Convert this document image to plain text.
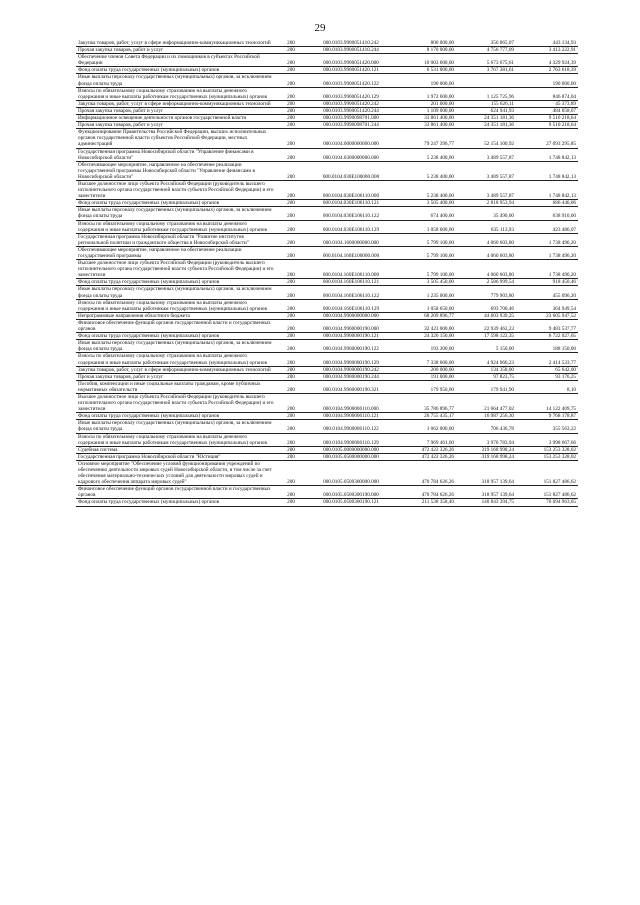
29
Закупка товаров, работ, услуг в сфере информационно-коммуникационных технологий	200	000.0103.9900051410.242	800 000,00	356 865,07	443 134,93
Прочая закупка товаров, работ и услуг	200	000.0103.9900051410.244	8 170 000,00	4 756 777,09	3 413 222,91
Обеспечение членов Совета Федерации и их помощников в субъектах Российской Федерации	200	000.0103.9900051420.000	10 003 600,00	5 673 675,61	4 329 924,39
Фонд оплаты труда государственных (муниципальных) органов	200	000.0103.9900051420.121	6 531 000,00	3 767 381,61	2 763 618,39
Иные выплаты персоналу государственных (муниципальных) органов, за исключением фонда оплаты труда	200	000.0103.9900051420.122	190 000,00		190 000,00
Взносы по обязательному социальному страхованию на выплаты денежного содержания и иные выплаты работникам государственных (муниципальных) органов	200	000.0103.9900051420.129	1 972 600,00	1 125 725,96	846 874,04
Закупка товаров, работ, услуг в сфере информационно-коммуникационных технологий	200	000.0103.9900051420.242	201 000,00	155 626,11	45 373,89
Прочая закупка товаров, работ и услуг	200	000.0103.9900051420.244	1 109 000,00	624 941,93	484 058,07
Информационное освещение деятельности органов государственной власти	200	000.0103.9990098701.000	33 861 400,00	24 351 181,36	9 510 218,64
Прочая закупка товаров, работ и услуг	200	000.0103.9990098701.244	33 861 400,00	24 351 181,36	9 510 218,64
Функционирование Правительства Российской Федерации, высших исполнительных органов государственной власти субъектов Российской Федерации, местных администраций	200	000.0104.0000000000.000	79 247 396,77	52 154 100,92	27 093 295,85
Государственная программа Новосибирской области "Управление финансами в Новосибирской области"	200	000.0104.0300000000.000	5 238 400,00	3 489 557,87	1 748 842,13
Обеспечивающее мероприятие, направленное на обеспечение реализации государственной программы Новосибирской области "Управление финансами в Новосибирской области"	200	000.0104.030Е100000.000	5 238 400,00	3 489 557,87	1 748 842,13
Высшее должностное лицо субъекта Российской Федерации (руководитель высшего исполнительного органа государственной власти субъекта Российской Федерации) и его заместители	200	000.0104.030Е106110.000	5 238 400,00	3 489 557,87	1 748 842,13
Фонд оплаты труда государственных (муниципальных) органов	200	000.0104.030Е106110.121	3 505 400,00	2 818 953,94	686 446,06
Иные выплаты персоналу государственных (муниципальных) органов, за исключением фонда оплаты труда	200	000.0104.030Е106110.122	674 400,00	35 490,00	638 910,00
Взносы по обязательному социальному страхованию на выплаты денежного содержания и иные выплаты работникам государственных (муниципальных) органов	200	000.0104.030Е106110.129	1 058 600,00	635 113,93	423 486,07
Государственная программа Новосибирской области "Развитие институтов региональной политики и гражданского общества в Новосибирской области"	200	000.0104.1600000000.000	5 799 100,00	4 060 603,80	1 738 496,20
Обеспечивающее мероприятие, направленное на обеспечение реализации государственной программы	200	000.0104.160Е100000.000	5 799 100,00	4 060 603,80	1 738 496,20
Высшее должностное лицо субъекта Российской Федерации (руководитель высшего исполнительного органа государственной власти субъекта Российской Федерации) и его заместители	200	000.0104.160Е106110.000	5 799 100,00	4 060 603,80	1 738 496,20
Фонд оплаты труда государственных (муниципальных) органов	200	000.0104.160Е106110.121	3 505 450,00	2 586 999,54	918 450,46
Иные выплаты персоналу государственных (муниципальных) органов, за исключением фонда оплаты труда	200	000.0104.160Е106110.122	1 235 000,00	779 903,80	455 096,20
Взносы по обязательному социальному страхованию на выплаты денежного содержания и иные выплаты работникам государственных (муниципальных) органов	200	000.0104.160Е106110.129	1 058 650,00	693 700,46	364 949,54
Непрограммные направления областного бюджета	200	000.0104.9900000000.000	68 209 896,77	44 603 939,25	23 605 947,52
Финансовое обеспечение функций органов государственной власти и государственных органов	200	000.0104.9900000190.000	32 423 000,00	22 939 462,23	9 483 537,77
Фонд оплаты труда государственных (муниципальных) органов	200	000.0104.9900000190.121	24 320 150,00	17 598 122,35	6 722 027,65
Иные выплаты персоналу государственных (муниципальных) органов, за исключением фонда оплаты труда	200	000.0104.9900000190.122	193 300,00	5 150,00	188 150,00
Взносы по обязательному социальному страхованию на выплаты денежного содержания и иные выплаты работникам государственных (муниципальных) органов	200	000.0104.9900000190.129	7 338 600,00	4 924 066,23	2 414 533,77
Закупка товаров, работ, услуг в сфере информационно-коммуникационных технологий	200	000.0104.9900000190.242	200 000,00	134 358,00	65 642,00
Прочая закупка товаров, работ и услуг	200	000.0104.9900000190.244	191 000,00	97 823,75	93 176,25
Пособия, компенсации и иные социальные выплаты гражданам, кроме публичных нормативных обязательств	200	000.0104.9900000190.321	179 950,00	179 941,90	8,10
Высшее должностное лицо субъекта Российской Федерации (руководитель высшего исполнительного органа государственной власти субъекта Российской Федерации) и его заместители	200	000.0104.9900006110.000	35 786 896,77	21 664 477,02	14 122 409,75
Фонд оплаты труда государственных (муниципальных) органов	200	000.0104.9900006110.121	26 755 435,17	16 987 256,30	9 768 178,87
Иные выплаты персоналу государственных (муниципальных) органов, за исключением фонда оплаты труда	200	000.0104.9900006110.122	1 062 000,00	706 436,78	355 563,22
Взносы по обязательному социальному страхованию на выплаты денежного содержания и иные выплаты работникам государственных (муниципальных) органов	200	000.0104.9900006110.129	7 969 461,60	3 970 783,94	3 998 667,66
Судебная система	200	000.0105.0000000000.000	472 422 326,26	319 168 998,24	153 253 328,02
Государственная программа Новосибирской области "Юстиция"	200	000.0105.0500000000.000	472 422 326,26	319 168 998,24	153 253 328,02
Основное мероприятие "Обеспечение условий функционирования учреждений по обеспечению деятельности мировых судей Новосибирской области, в том числе за счет обеспечения материально-технических условий для деятельности мировых судей и кадрового обеспечения аппарата мировых судей"	200	000.0105.0500300000.000	470 784 626,26	318 957 139,64	151 827 486,62
Финансовое обеспечение функций органов государственной власти и государственных органов	200	000.0105.0500300190.000	470 784 626,26	318 957 139,64	151 827 486,62
Фонд оплаты труда государственных (муниципальных) органов	200	000.0105.0500300190.121	211 538 358,40	140 843 394,75	70 694 963,65
